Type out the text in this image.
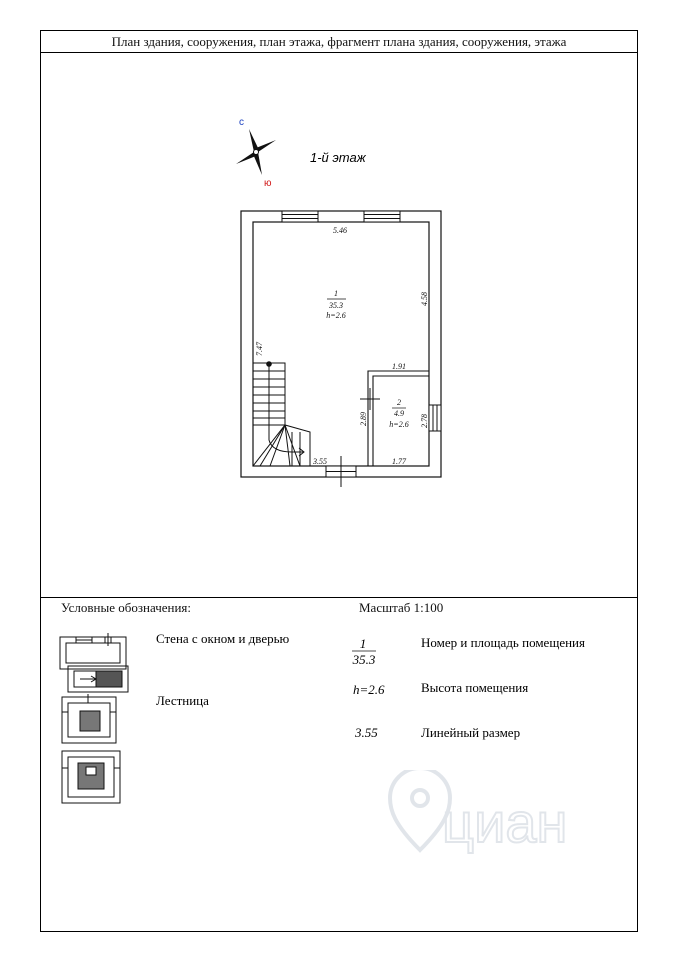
План здания, сооружения, план этажа, фрагмент плана здания, сооружения, этажа
Условные обозначения:	Масштаб 1:100
с
ю
1-й этаж
5.46
4.58
7.47
1.91
2.89	2.78
1.77
3.55
1
35.3
h=2.6
2
4.9
h=2.6
Стена с окном и дверью
Лестница
1
35.3
Номер и площадь помещения
h=2.6	Высота помещения
3.55	Линейный размер
циан
